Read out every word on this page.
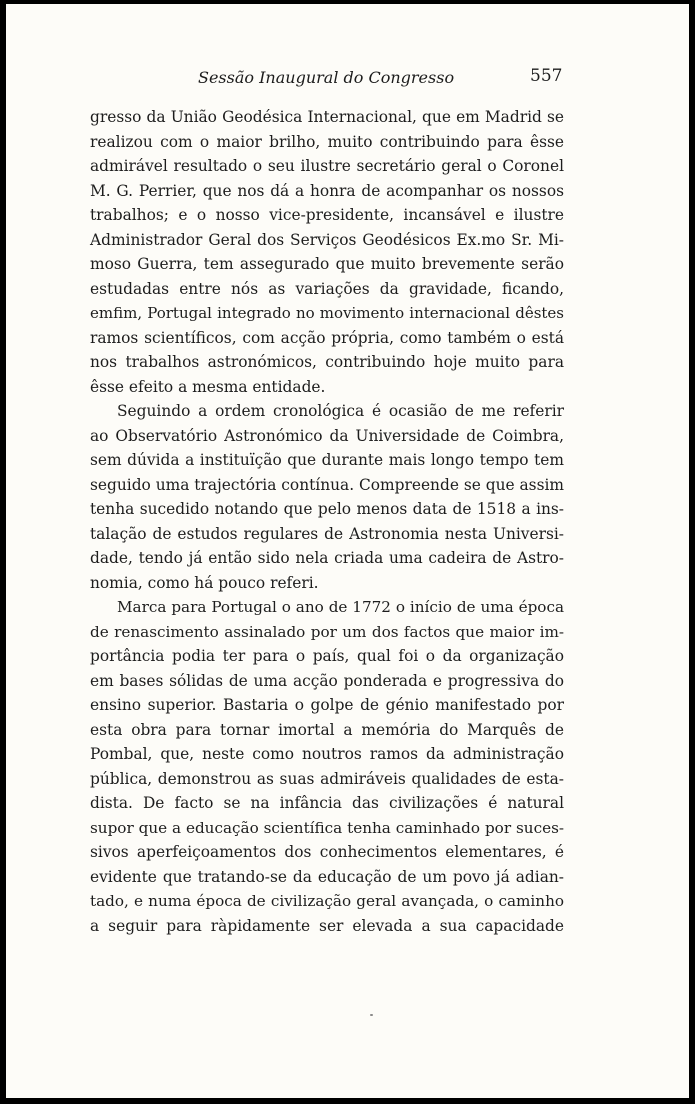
Sessão Inaugural do Congresso	557
gresso da União Geodésica Internacional, que em Madrid se
realizou com o maior brilho, muito contribuindo para êsse
admirável resultado o seu ilustre secretário geral o Coronel
M. G. Perrier, que nos dá a honra de acompanhar os nossos
trabalhos; e o nosso vice-presidente, incansável e ilustre
Administrador Geral dos Serviços Geodésicos Ex.mo Sr. Mi-
moso Guerra, tem assegurado que muito brevemente serão
estudadas entre nós as variações da gravidade, ficando,
emfim, Portugal integrado no movimento internacional dêstes
ramos scientíficos, com acção própria, como também o está
nos trabalhos astronómicos, contribuindo hoje muito para
êsse efeito a mesma entidade.
Seguindo a ordem cronológica é ocasião de me referir
ao Observatório Astronómico da Universidade de Coimbra,
sem dúvida a instituïção que durante mais longo tempo tem
seguido uma trajectória contínua. Compreende se que assim
tenha sucedido notando que pelo menos data de 1518 a ins-
talação de estudos regulares de Astronomia nesta Universi-
dade, tendo já então sido nela criada uma cadeira de Astro-
nomia, como há pouco referi.
Marca para Portugal o ano de 1772 o início de uma época
de renascimento assinalado por um dos factos que maior im-
portância podia ter para o país, qual foi o da organização
em bases sólidas de uma acção ponderada e progressiva do
ensino superior. Bastaria o golpe de génio manifestado por
esta obra para tornar imortal a memória do Marquês de
Pombal, que, neste como noutros ramos da administração
pública, demonstrou as suas admiráveis qualidades de esta-
dista. De facto se na infância das civilizações é natural
supor que a educação scientífica tenha caminhado por suces-
sivos aperfeiçoamentos dos conhecimentos elementares, é
evidente que tratando-se da educação de um povo já adian-
tado, e numa época de civilização geral avançada, o caminho
a seguir para ràpidamente ser elevada a sua capacidade
